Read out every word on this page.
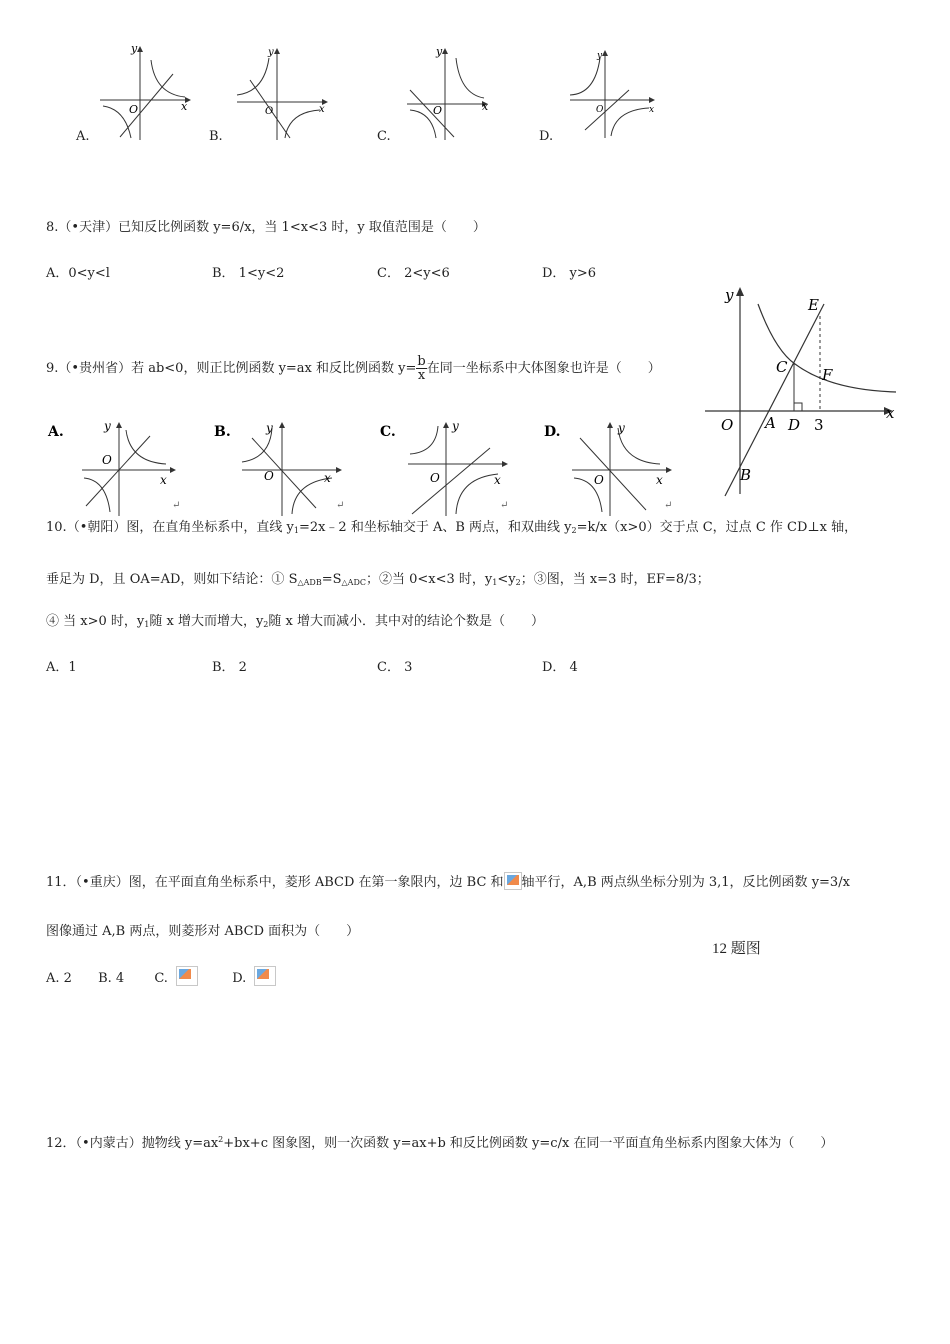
y
x
O
y
x
O
y
x
O
y
x
O
A.	B.	C.	D.
8.（•天津）已知反比例函数 y=6/x，当 1<x<3 时，y 取值范围是（　　）
A．0<y<l	B． 1<y<2	C． 2<y<6	D． y>6
9.（•贵州省）若 ab<0，则正比例函数 y=ax 和反比例函数 $y= \frac{b}{x}$ 在同一坐标系中大体图象也许是（　　）
A.	y
x
O
B.	y
x
O
C.	y
x
O
D.	y
x
O
↵	↵	↵	↵
y
x
E
C F
O A D 3
B
10.（•朝阳）图，在直角坐标系中，直线 $y_1=2x﹣2$ 和坐标轴交于 A、B 两点，和双曲线 $y_2=k/x(x>0)$交于点 C，过点 C 作 CD⊥x 轴，
垂足为 D，且 OA=AD，则如下结论：① $S_{\triangle ADB}=S_{\triangle ADC}$；②当 0<x<3 时，$y_1<y_2$；③图，当 x=3 时，EF=8/3；
④ 当 x>0 时，$y_1$随 x 增大而增大，$y_2$随 x 增大而减小．其中对的结论个数是（　　）
A．1	B． 2	C． 3	D． 4
11．（•重庆）图，在平面直角坐标系中，菱形 ABCD 在第一象限内，边 BC 和 轴平行，A,B 两点纵坐标分别为 3,1，反比例函数 y=3/x
图像通过 A,B 两点，则菱形对 ABCD 面积为（　　）
A. 2 B. 4 C.	D.
12 题图
12．（•内蒙古）抛物线 $y=ax^2+bx+c$ 图象图，则一次函数 y=ax+b 和反比例函数 y=c/x 在同一平面直角坐标系内图象大体为（　　）
